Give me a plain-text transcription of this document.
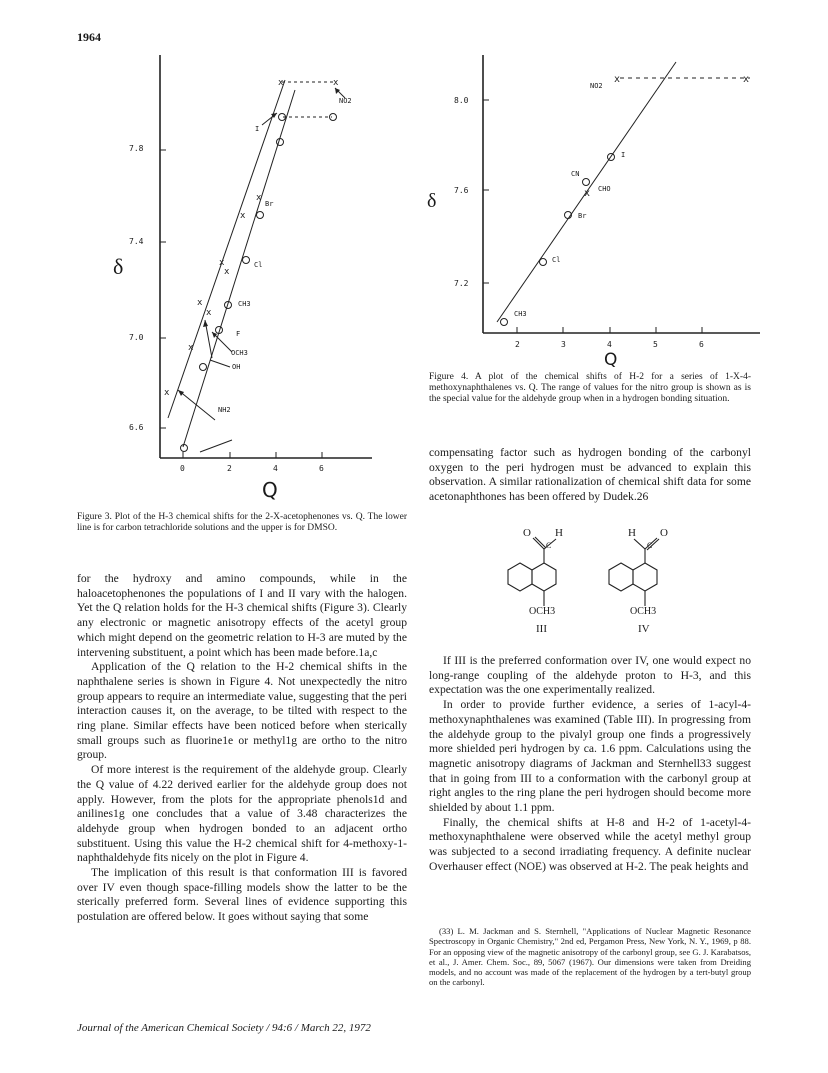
1964
x	x
x
x
x
x
x
x
x
x
7.8
7.4
7.0
6.6
0	2	4	6
δ
Q
NO2
I
Br
Cl
CH3
F
OCH3
OH
NH2
Figure 3. Plot of the H-3 chemical shifts for the 2-X-acetophenones vs. Q. The lower line is for carbon tetrachloride solutions and the upper is for DMSO.
x
x	x
8.0
7.6
7.2
2	3	4	5	6
δ
Q
NO2
I
CN
CHO
Br
Cl
CH3
Figure 4. A plot of the chemical shifts of H-2 for a series of 1-X-4-methoxynaphthalenes vs. Q. The range of values for the nitro group is shown as is the special value for the aldehyde group when in a hydrogen bonding situation.
compensating factor such as hydrogen bonding of the carbonyl oxygen to the peri hydrogen must be advanced to explain this observation. A similar rationalization of chemical shift data for some acetonaphthones has been offered by Dudek.26
O H
C
OCH3
III
H O
C
OCH3
IV

for the hydroxy and amino compounds, while in the haloacetophenones the populations of I and II vary with the halogen. Yet the Q relation holds for the H-3 chemical shifts (Figure 3). Clearly any electronic or magnetic anisotropy effects of the acetyl group which might depend on the geometric relation to H-3 are muted by the intervening substituent, a point which has been made before.1a,c

Application of the Q relation to the H-2 chemical shifts in the naphthalene series is shown in Figure 4. Not unexpectedly the nitro group appears to require an intermediate value, suggesting that the peri interaction causes it, on the average, to be tilted with respect to the ring plane. Similar effects have been noticed before when sterically small groups such as fluorine1e or methyl1g are ortho to the nitro group.

Of more interest is the requirement of the aldehyde group. Clearly the Q value of 4.22 derived earlier for the aldehyde group does not apply. However, from the plots for the appropriate phenols1d and anilines1g one concludes that a value of 3.48 characterizes the aldehyde group when hydrogen bonded to an adjacent ortho substituent. Using this value the H-2 chemical shift for 4-methoxy-1-naphthaldehyde fits nicely on the plot in Figure 4.

The implication of this result is that conformation III is favored over IV even though space-filling models show the latter to be the sterically preferred form. Several lines of evidence supporting this postulation are offered below. It goes without saying that some

If III is the preferred conformation over IV, one would expect no long-range coupling of the aldehyde proton to H-3, and this expectation was the one experimentally realized.

In order to provide further evidence, a series of 1-acyl-4-methoxynaphthalenes was examined (Table III). In progressing from the aldehyde group to the pivalyl group one finds a progressively more shielded peri hydrogen by ca. 1.6 ppm. Calculations using the magnetic anisotropy diagrams of Jackman and Sternhell33 suggest that in going from III to a conformation with the carbonyl group at right angles to the ring plane the peri hydrogen should become more shielded by about 1.1 ppm.

Finally, the chemical shifts at H-8 and H-2 of 1-acetyl-4-methoxynaphthalene were observed while the acetyl methyl group was subjected to a second irradiating frequency. A definite nuclear Overhauser effect (NOE) was observed at H-2. The peak heights and

(33) L. M. Jackman and S. Sternhell, "Applications of Nuclear Magnetic Resonance Spectroscopy in Organic Chemistry," 2nd ed, Pergamon Press, New York, N. Y., 1969, p 88. For an opposing view of the magnetic anisotropy of the carbonyl group, see G. J. Karabatsos, et al., J. Amer. Chem. Soc., 89, 5067 (1967). Our dimensions were taken from Dreiding models, and no account was made of the replacement of the hydrogen by a tert-butyl group on the carbonyl.
Journal of the American Chemical Society / 94:6 / March 22, 1972
